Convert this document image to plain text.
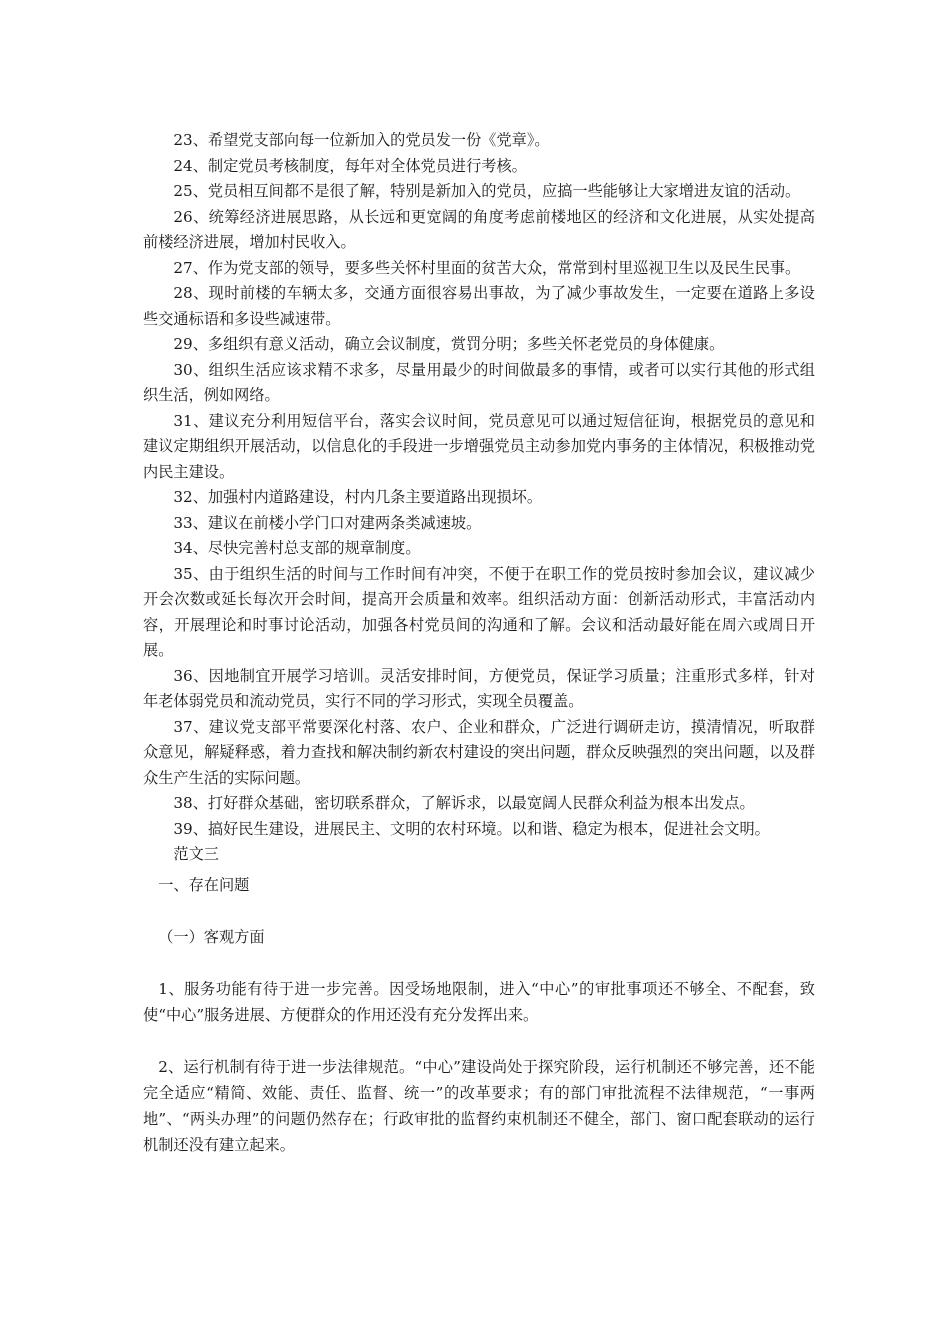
23、希望党支部向每一位新加入的党员发一份《党章》。

24、制定党员考核制度，每年对全体党员进行考核。

25、党员相互间都不是很了解，特别是新加入的党员，应搞一些能够让大家增进友谊的活动。

26、统筹经济进展思路，从长远和更宽阔的角度考虑前楼地区的经济和文化进展，从实处提高前楼经济进展，增加村民收入。

27、作为党支部的领导，要多些关怀村里面的贫苦大众，常常到村里巡视卫生以及民生民事。

28、现时前楼的车辆太多，交通方面很容易出事故，为了减少事故发生，一定要在道路上多设些交通标语和多设些减速带。

29、多组织有意义活动，确立会议制度，赏罚分明；多些关怀老党员的身体健康。

30、组织生活应该求精不求多，尽量用最少的时间做最多的事情，或者可以实行其他的形式组织生活，例如网络。

31、建议充分利用短信平台，落实会议时间，党员意见可以通过短信征询，根据党员的意见和建议定期组织开展活动，以信息化的手段进一步增强党员主动参加党内事务的主体情况，积极推动党内民主建设。

32、加强村内道路建设，村内几条主要道路出现损坏。

33、建议在前楼小学门口对建两条类减速坡。

34、尽快完善村总支部的规章制度。

35、由于组织生活的时间与工作时间有冲突，不便于在职工作的党员按时参加会议，建议减少开会次数或延长每次开会时间，提高开会质量和效率。组织活动方面：创新活动形式，丰富活动内容，开展理论和时事讨论活动，加强各村党员间的沟通和了解。会议和活动最好能在周六或周日开展。

36、因地制宜开展学习培训。灵活安排时间，方便党员，保证学习质量；注重形式多样，针对年老体弱党员和流动党员，实行不同的学习形式，实现全员覆盖。

37、建议党支部平常要深化村落、农户、企业和群众，广泛进行调研走访，摸清情况，听取群众意见，解疑释惑，着力查找和解决制约新农村建设的突出问题，群众反映强烈的突出问题，以及群众生产生活的实际问题。

38、打好群众基础，密切联系群众，了解诉求，以最宽阔人民群众利益为根本出发点。

39、搞好民生建设，进展民主、文明的农村环境。以和谐、稳定为根本，促进社会文明。

范文三

一、存在问题

（一）客观方面

1、服务功能有待于进一步完善。因受场地限制，进入“中心”的审批事项还不够全、不配套，致使“中心”服务进展、方便群众的作用还没有充分发挥出来。

2、运行机制有待于进一步法律规范。“中心”建设尚处于探究阶段，运行机制还不够完善，还不能完全适应“精简、效能、责任、监督、统一”的改革要求；有的部门审批流程不法律规范，“一事两地”、“两头办理”的问题仍然存在；行政审批的监督约束机制还不健全，部门、窗口配套联动的运行机制还没有建立起来。
